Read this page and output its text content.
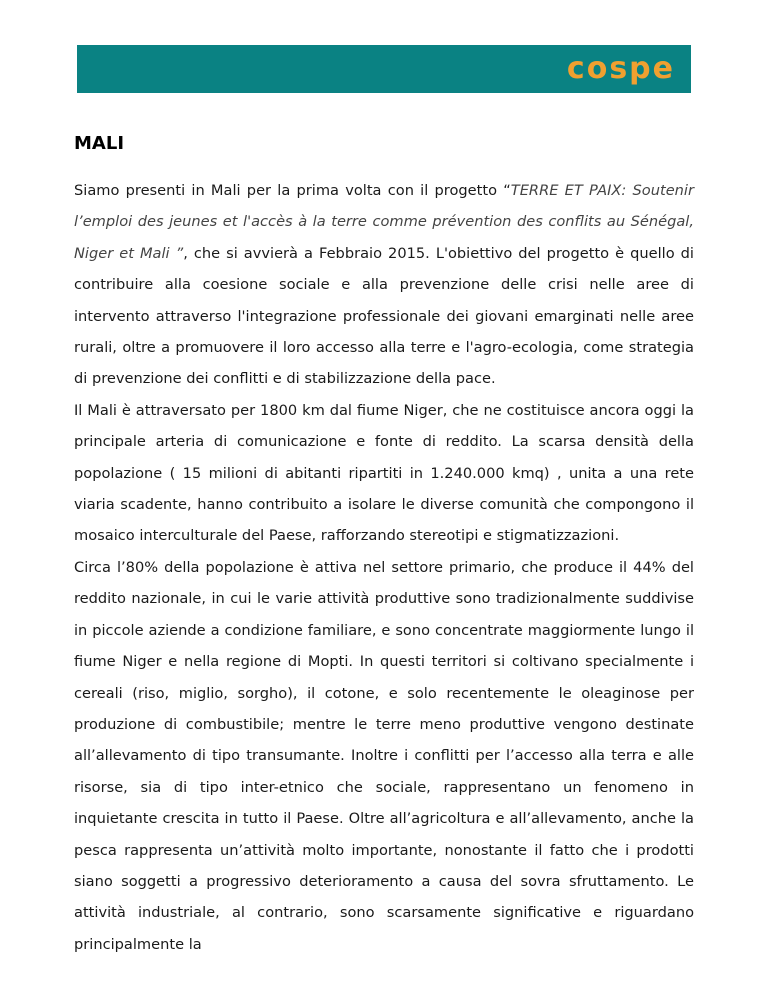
cospe
MALI

Siamo presenti in Mali per la prima volta con il progetto “TERRE ET PAIX: Soutenir l’emploi des jeunes et l'accès à la terre comme prévention des conflits au Sénégal, Niger et Mali ”, che si avvierà a Febbraio 2015. L'obiettivo del progetto è quello di contribuire alla coesione sociale e alla prevenzione delle crisi nelle aree di intervento attraverso l'integrazione professionale dei giovani emarginati nelle aree rurali, oltre a promuovere il loro accesso alla terre e l'agro-ecologia, come strategia di prevenzione dei conflitti e di stabilizzazione della pace.

Il Mali è attraversato per 1800 km dal fiume Niger, che ne costituisce ancora oggi la principale arteria di comunicazione e fonte di reddito. La scarsa densità della popolazione ( 15 milioni di abitanti ripartiti in 1.240.000 kmq) , unita a una rete viaria scadente, hanno contribuito a isolare le diverse comunità che compongono il mosaico interculturale del Paese, rafforzando stereotipi e stigmatizzazioni.

Circa l’80% della popolazione è attiva nel settore primario, che produce il 44% del reddito nazionale, in cui le varie attività produttive sono tradizionalmente suddivise in piccole aziende a condizione familiare, e sono concentrate maggiormente lungo il fiume Niger e nella regione di Mopti. In questi territori si coltivano specialmente i cereali (riso, miglio, sorgho), il cotone, e solo recentemente le oleaginose per produzione di combustibile; mentre le terre meno produttive vengono destinate all’allevamento di tipo transumante. Inoltre i conflitti per l’accesso alla terra e alle risorse, sia di tipo inter-etnico che sociale, rappresentano un fenomeno in inquietante crescita in tutto il Paese. Oltre all’agricoltura e all’allevamento, anche la pesca rappresenta un’attività molto importante, nonostante il fatto che i prodotti siano soggetti a progressivo deterioramento a causa del sovra sfruttamento. Le attività industriale, al contrario, sono scarsamente significative e riguardano principalmente la
